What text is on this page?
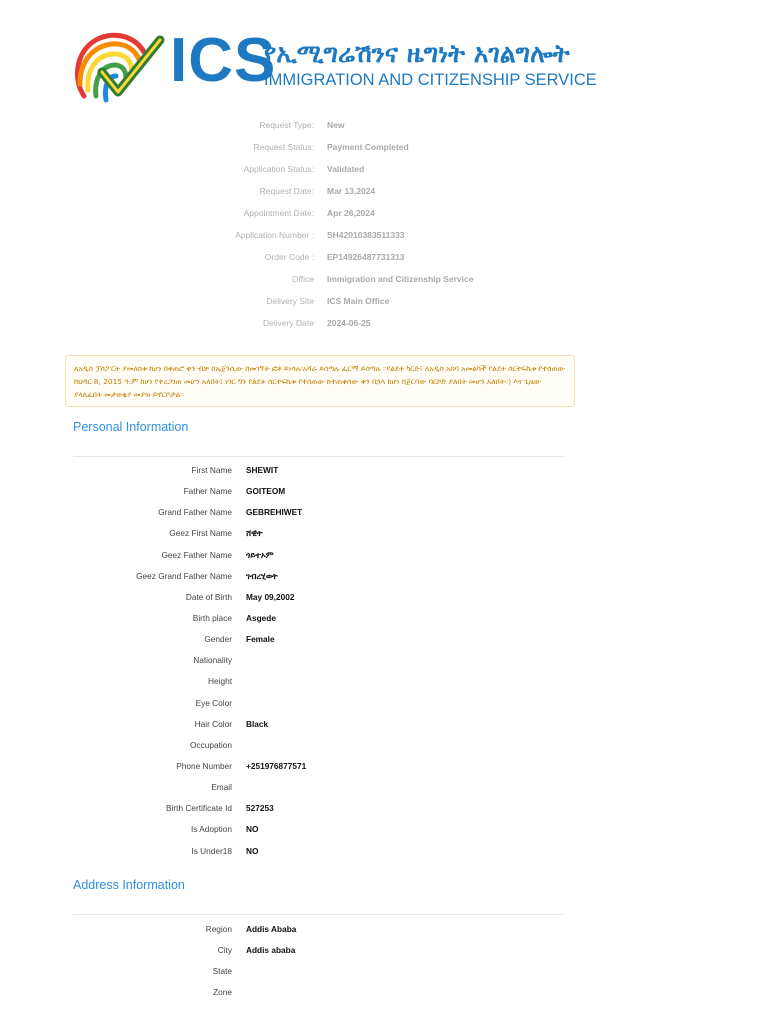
ICS
የኢሚግሬሽንና ዜግነት አገልግሎት
IMMIGRATION AND CITIZENSHIP SERVICE
Request Type: New
Request Status: Payment Completed
Application Status: Validated
Request Date: Mar 13,2024
Appointment Date: Apr 26,2024
Application Number : SH42010383511333
Order Code : EP14926487731313
Office Immigration and Citizenship Service
Delivery Site ICS Main Office
Delivery Date 2024-06-25
ለአዲስ ፓስፖርት ያመለከቱ ከሆነ በቀጠሮ ቀን ብቻ በኤጀንሲው በመገኘት ፎቶ ይነሳሉ፡አሻራ ይሰጣሉ ፈርማ ይሰጣሉ ።የልደት ካርድ፣ ለአዲስ አበባ አመልካች የልደት ሰርተፍኬቱ የተሰጠው ከህዳር 8, 2015 ዓ.ም ከሆነ የተረጋገጠ መሆን አለበት፤ ነገር ግን የልደት ሰርተፍኬቱ የተሰጠው ከተጠቀሰው ቀን በኋላ ከሆነ ከጀርባው ባርኮድ ያለበት መሆን አለበት።) እና ጊዜው ያላለፈበት መታወቂያ መያዝ ይኖርቦታል።
Personal Information
First Name SHEWIT
Father Name GOITEOM
Grand Father Name GEBREHIWET
Geez First Name ሸዊት
Geez Father Name ጎይተኦም
Geez Grand Father Name ገብረሂወት
Date of Birth May 09,2002
Birth place Asgede
Gender Female
Nationality
Height
Eye Color
Hair Color Black
Occupation
Phone Number +251976877571
Email
Birth Certificate Id 527253
Is Adoption NO
Is Under18 NO
Address Information
Region Addis Ababa
City Addis ababa
State
Zone
